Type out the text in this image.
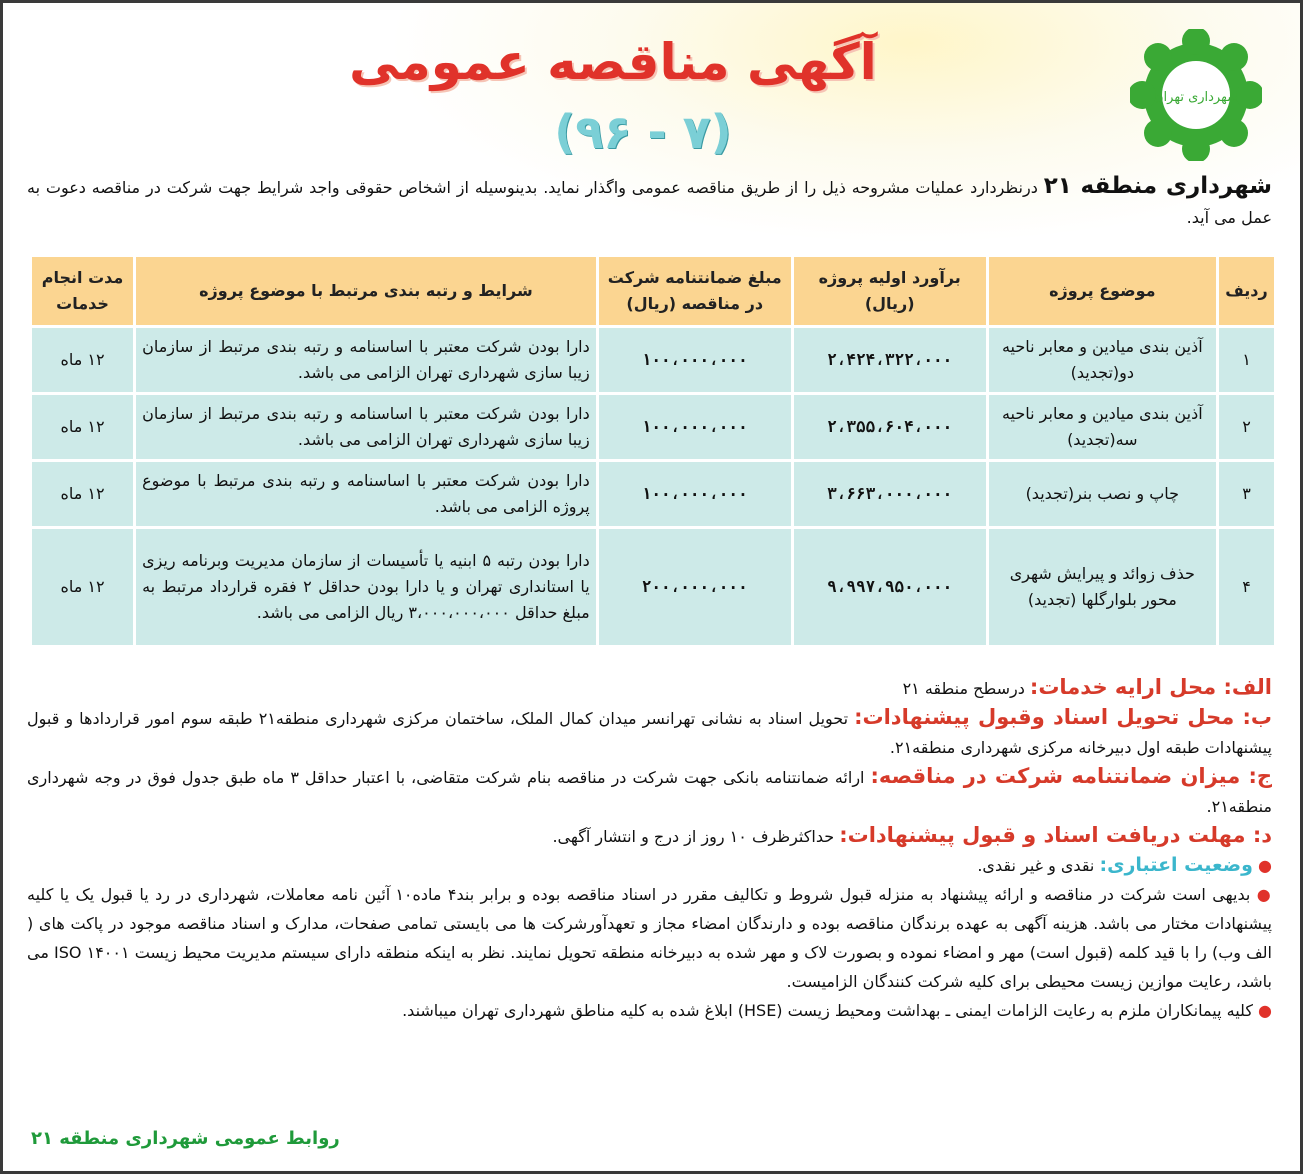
شهرداری تهران
آگهی مناقصه عمومی
(۷ - ۹۶)
شهرداری منطقه ۲۱ درنظردارد عملیات مشروحه ذیل را از طریق مناقصه عمومی واگذار نماید. بدینوسیله از اشخاص حقوقی واجد شرایط جهت شرکت در مناقصه دعوت به عمل می آید.
ردیف	موضوع پروژه	برآورد اولیه پروژه (ریال)	مبلغ ضمانتنامه شرکت در مناقصه (ریال)	شرایط و رتبه بندی مرتبط با موضوع پروژه	مدت انجام خدمات
۱	آذین بندی میادین و معابر ناحیه دو(تجدید)	۲،۴۲۴،۳۲۲،۰۰۰	۱۰۰،۰۰۰،۰۰۰	دارا بودن شرکت معتبر با اساسنامه و رتبه بندی مرتبط از سازمان زیبا سازی شهرداری تهران الزامی می باشد.	۱۲ ماه
۲	آذین بندی میادین و معابر ناحیه سه(تجدید)	۲،۳۵۵،۶۰۴،۰۰۰	۱۰۰،۰۰۰،۰۰۰	دارا بودن شرکت معتبر با اساسنامه و رتبه بندی مرتبط از سازمان زیبا سازی شهرداری تهران الزامی می باشد.	۱۲ ماه
۳	چاپ و نصب بنر(تجدید)	۳،۶۶۳،۰۰۰،۰۰۰	۱۰۰،۰۰۰،۰۰۰	دارا بودن شرکت معتبر با اساسنامه و رتبه بندی مرتبط با موضوع پروژه الزامی می باشد.	۱۲ ماه
۴	حذف زوائد و پیرایش شهری محور بلوارگلها (تجدید)	۹،۹۹۷،۹۵۰،۰۰۰	۲۰۰،۰۰۰،۰۰۰	دارا بودن رتبه ۵ ابنیه یا تأسیسات از سازمان مدیریت وبرنامه ریزی یا استانداری تهران و یا دارا بودن حداقل ۲ فقره قرارداد مرتبط به مبلغ حداقل ۳،۰۰۰،۰۰۰،۰۰۰ ریال الزامی می باشد.	۱۲ ماه

الف: محل ارایه خدمات: درسطح منطقه ۲۱

ب: محل تحویل اسناد وقبول پیشنهادات: تحویل اسناد به نشانی تهرانسر میدان کمال الملک، ساختمان مرکزی شهرداری منطقه۲۱ طبقه سوم امور قراردادها و قبول پیشنهادات طبقه اول دبیرخانه مرکزی شهرداری منطقه۲۱.

ج: میزان ضمانتنامه شرکت در مناقصه: ارائه ضمانتنامه بانکی جهت شرکت در مناقصه بنام شرکت متقاضی، با اعتبار حداقل ۳ ماه طبق جدول فوق در وجه شهرداری منطقه۲۱.

د: مهلت دریافت اسناد و قبول پیشنهادات: حداکثرظرف ۱۰ روز از درج و انتشار آگهی.

● وضعیت اعتباری: نقدی و غیر نقدی.

● بدیهی است شرکت در مناقصه و ارائه پیشنهاد به منزله قبول شروط و تکالیف مقرر در اسناد مناقصه بوده و برابر بند۴ ماده۱۰ آئین نامه معاملات، شهرداری در رد یا قبول یک یا کلیه پیشنهادات مختار می باشد. هزینه آگهی به عهده برندگان مناقصه بوده و دارندگان امضاء مجاز و تعهدآورشرکت ها می بایستی تمامی صفحات، مدارک و اسناد مناقصه موجود در پاکت های ( الف وب) را با قید کلمه (قبول است) مهر و امضاء نموده و بصورت لاک و مهر شده به دبیرخانه منطقه تحویل نمایند. نظر به اینکه منطقه دارای سیستم مدیریت محیط زیست ISO ۱۴۰۰۱ می باشد، رعایت موازین زیست محیطی برای کلیه شرکت کنندگان الزامیست.

● کلیه پیمانکاران ملزم به رعایت الزامات ایمنی ـ بهداشت ومحیط زیست (HSE) ابلاغ شده به کلیه مناطق شهرداری تهران میباشند.

روابط عمومی شهرداری منطقه ۲۱
